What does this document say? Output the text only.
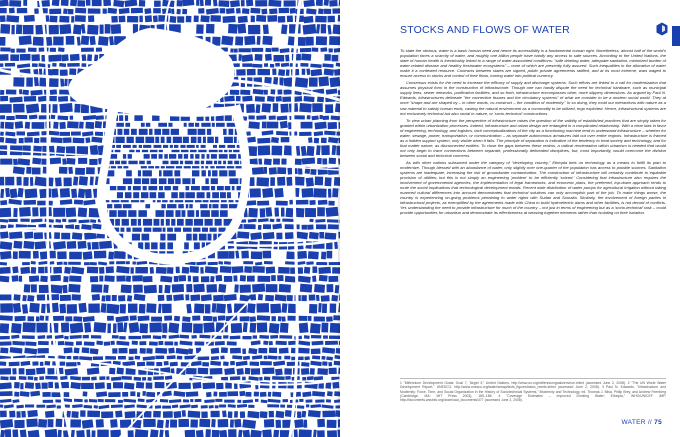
STOCKS AND FLOWS OF WATER

To state the obvious, water is a basic human need and hence its accessibility is a fundamental human right. Nonetheless, almost half of the world's population faces a scarcity of water, and roughly one billion people have hardly any access to safe sources. According to the United Nations, the state of human health is inextricably linked to a range of water-associated conditions: "safe drinking water, adequate sanitation, minimized burden of water-related disease and healthy freshwater ecosystems" – none of which are presently fully assured. Such inequalities in the allocation of water make it a contested resource. Contracts between states are signed, public private agreements ratified, and at its most extreme, wars waged to ensure access to stocks and control of their flows, turning water into political currency.

Consensus exists for the need to increase the efficacy of supply and discharge systems. Such efforts are linked to a call for modernization that assumes physical form in the construction of infrastructure. Though one can hardly dispute the need for technical hardware, such as municipal supply lines, sewer networks, purification facilities, and so forth, infrastructure encompasses other, more slippery dimensions. As argued by Paul N. Edwards, infrastructures delineate "the connective tissues and the circulatory systems" of what we consider to be a modern social world. They at once "shape and are shaped by – in other words, co-construct – the condition of modernity." In so doing, they mold our interactions with nature as a raw material to satisfy human ends, casting the natural environment as a commodity to be utilized, ergo exploited. Hence, infrastructural systems are not exclusively technical but also social in nature, or 'socio-technical' constructions.

To view urban planning from the perspective of infrastructure raises the question of the validity of established practices that are simply taken for granted within urbanization processes. Indeed, infrastructure and urban design are entangled in a complicated relationship. With a clear bias in favor of engineering, technology, and logistics, tacit conceptualizations of the city as a functioning machine tend to understand infrastructure – whether for water, sewage, power, transportation, or communication – as separate autonomous armatures laid out over entire regions. Infrastructure is framed as a hidden support system, only visible when it fails. The principle of separation is indicative of the tendency to treat society and technology, and for that matter nature, as disconnected entities. To close the gaps between these realms, a radical reorientation within urbanism is needed that would not only begin to trace connections between separate, professionally delineated disciplines, but, most importantly, would overcome the division between social and technical concerns.

As with other nations subsumed under the category of "developing country," Ethiopia bets on technology as a means to fulfill its plan to modernize. Though blessed with an abundance of water, only slightly over one-quarter of the population has access to potable sources. Sanitation systems are inadequate, increasing the risk of groundwater contamination. The construction of infrastructure will certainly contribute to equitable provision of utilities; but this is not simply an engineering 'problem' to be efficiently 'solved.' Considering that infrastructure also requires the involvement of governmental agencies, the implementation of legal frameworks, and economic plans, the preferred, top-down approach tends to mute the social implications that technological development entails. Recent wide distribution of water pumps for agricultural irrigation without taking nuanced cultural differences into account demonstrates that technical solutions can only accomplish part of the job. To make things worse, the country is experiencing on-going problems pertaining to water rights with Sudan and Somalia. Similarly, the involvement of foreign parties in infrastructural projects, as exemplified by the agreements made with China to build hydroelectric dams and other facilities, is not devoid of conflicts. Yet, understanding the need to provide infrastructure for much of the country – not just in terms of engineering but as a 'socio-technical' task – could provide opportunities for urbanism and demonstrate its effectiveness at weaving together elements rather than isolating on their isolation.

1 "Millennium Development Goals: Goal 7, Target 3," United Nations, http://www.un.org/millenniumgoals/environ.shtml (accessed June 2, 2008). 2 "The UN World Water Development Report," UNESCO, http://www.unesco.org/water/wwap/facts_figures/basic_needs.shtml (accessed June 2, 2008). 3 Paul N. Edwards, "Infrastructure and Modernity: Force, Time, and Social Organization in the History of Sociotechnical Systems," Modernity and Technology, ed. Thomas J. Misa, Philip Brey, and Andrew Feenberg (Cambridge, MA: MIT Press 2003), 185–186. 4 "Coverage Estimates – Improved Drinking Water: Ethiopia," WHO/UNICEF JMP, http://documents.wssinfo.org/download_documents/477 (accessed June 2, 2008).
WATER // 75
